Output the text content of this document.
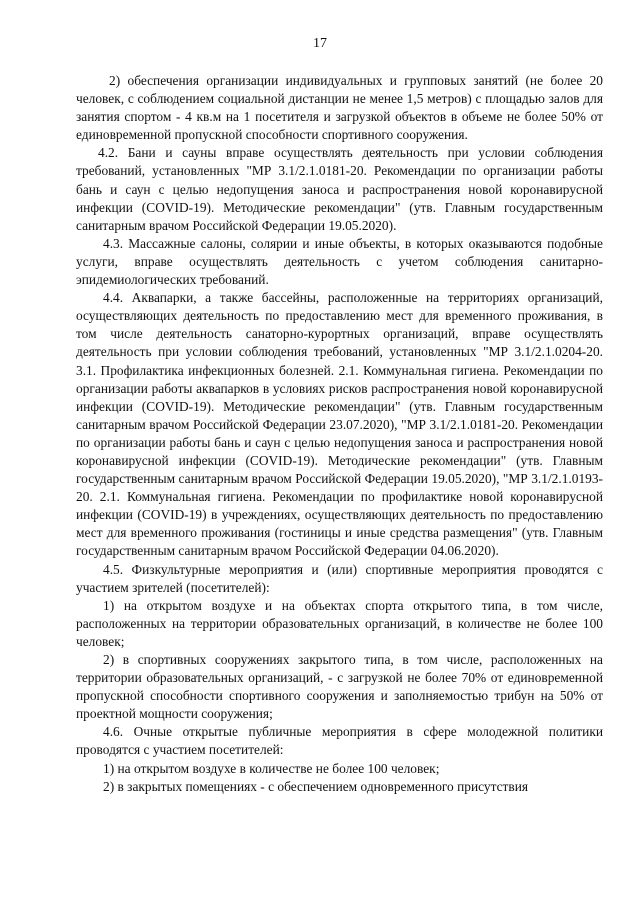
17

2) обеспечения организации индивидуальных и групповых занятий (не более 20 человек, с соблюдением социальной дистанции не менее 1,5 метров) с площадью залов для занятия спортом - 4 кв.м на 1 посетителя и загрузкой объектов в объеме не более 50% от единовременной пропускной способности спортивного сооружения.

4.2. Бани и сауны вправе осуществлять деятельность при условии соблюдения требований, установленных "МР 3.1/2.1.0181-20. Рекомендации по организации работы бань и саун с целью недопущения заноса и распространения новой коронавирусной инфекции (COVID-19). Методические рекомендации" (утв. Главным государственным санитарным врачом Российской Федерации 19.05.2020).

4.3. Массажные салоны, солярии и иные объекты, в которых оказываются подобные услуги, вправе осуществлять деятельность с учетом соблюдения санитарно-эпидемиологических требований.

4.4. Аквапарки, а также бассейны, расположенные на территориях организаций, осуществляющих деятельность по предоставлению мест для временного проживания, в том числе деятельность санаторно-курортных организаций, вправе осуществлять деятельность при условии соблюдения требований, установленных "МР 3.1/2.1.0204-20. 3.1. Профилактика инфекционных болезней. 2.1. Коммунальная гигиена. Рекомендации по организации работы аквапарков в условиях рисков распространения новой коронавирусной инфекции (COVID-19). Методические рекомендации" (утв. Главным государственным санитарным врачом Российской Федерации 23.07.2020), "МР 3.1/2.1.0181-20. Рекомендации по организации работы бань и саун с целью недопущения заноса и распространения новой коронавирусной инфекции (COVID-19). Методические рекомендации" (утв. Главным государственным санитарным врачом Российской Федерации 19.05.2020), "МР 3.1/2.1.0193-20. 2.1. Коммунальная гигиена. Рекомендации по профилактике новой коронавирусной инфекции (COVID-19) в учреждениях, осуществляющих деятельность по предоставлению мест для временного проживания (гостиницы и иные средства размещения" (утв. Главным государственным санитарным врачом Российской Федерации 04.06.2020).

4.5. Физкультурные мероприятия и (или) спортивные мероприятия проводятся с участием зрителей (посетителей):

1) на открытом воздухе и на объектах спорта открытого типа, в том числе, расположенных на территории образовательных организаций, в количестве не более 100 человек;

2) в спортивных сооружениях закрытого типа, в том числе, расположенных на территории образовательных организаций, - с загрузкой не более 70% от единовременной пропускной способности спортивного сооружения и заполняемостью трибун на 50% от проектной мощности сооружения;

4.6. Очные открытые публичные мероприятия в сфере молодежной политики проводятся с участием посетителей:

1) на открытом воздухе в количестве не более 100 человек;

2) в закрытых помещениях - с обеспечением одновременного присутствия
